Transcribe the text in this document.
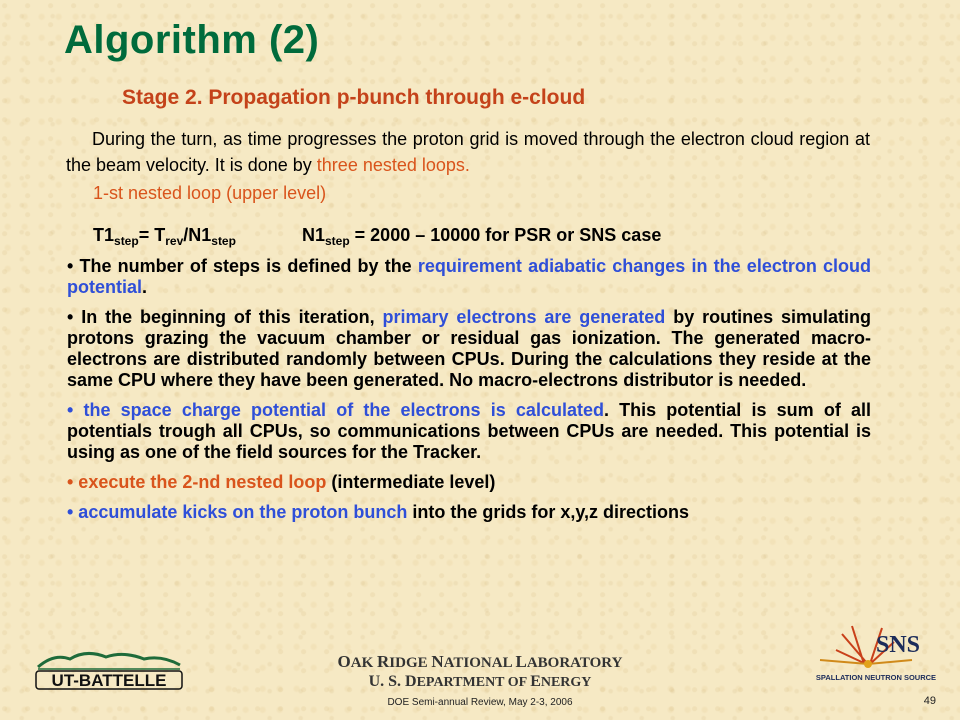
Algorithm (2)
Stage 2. Propagation p-bunch through e-cloud
During the turn, as time progresses the proton grid is moved through the electron cloud region at the beam velocity. It is done by three nested loops.
1-st nested loop (upper level)
$T1_{step}= T_{rev}/N1_{step}$	$N1_{step} = 2000 - 10000$ for PSR or SNS case

• The number of steps is defined by the requirement adiabatic changes in the electron cloud potential.

• In the beginning of this iteration, primary electrons are generated by routines simulating protons grazing the vacuum chamber or residual gas ionization. The generated macro-electrons are distributed randomly between CPUs. During the calculations they reside at the same CPU where they have been generated. No macro-electrons distributor is needed.

• the space charge potential of the electrons is calculated. This potential is sum of all potentials trough all CPUs, so communications between CPUs are needed. This potential is using as one of the field sources for the Tracker.

• execute the 2-nd nested loop (intermediate level)

• accumulate kicks on the proton bunch into the grids for x,y,z directions

UT-BATTELLE
SNS
SPALLATION NEUTRON SOURCE
OAK RIDGE NATIONAL LABORATORY
U. S. DEPARTMENT OF ENERGY
DOE Semi-annual Review, May 2-3, 2006	49
